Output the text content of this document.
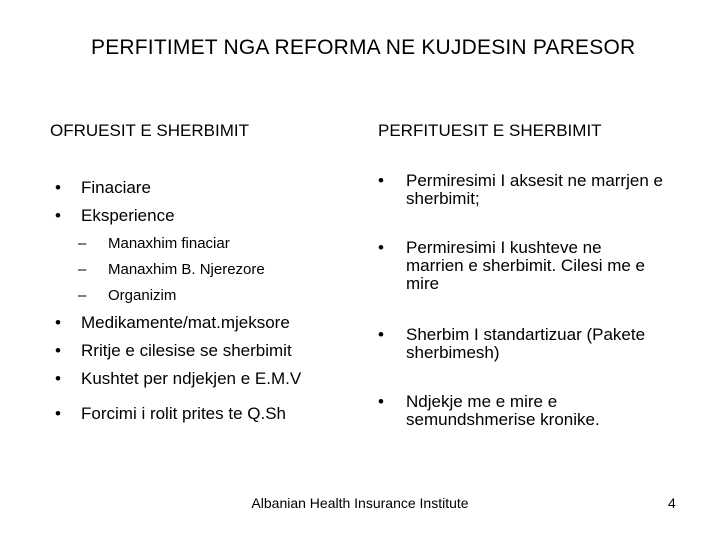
PERFITIMET NGA REFORMA NE KUJDESIN PARESOR
OFRUESIT E SHERBIMIT	PERFITUESIT E SHERBIMIT
• Finaciare
• Eksperience
– Manaxhim finaciar
– Manaxhim B. Njerezore
– Organizim
• Medikamente/mat.mjeksore
• Rritje e cilesise se sherbimit
• Kushtet per ndjekjen e E.M.V
• Forcimi i rolit prites te Q.Sh
• Permiresimi I aksesit ne marrjen e sherbimit;
• Permiresimi I kushteve ne marrien e sherbimit. Cilesi me e mire
• Sherbim I standartizuar (Pakete sherbimesh)
• Ndjekje me e mire e semundshmerise kronike.
Albanian Health Insurance Institute	4
